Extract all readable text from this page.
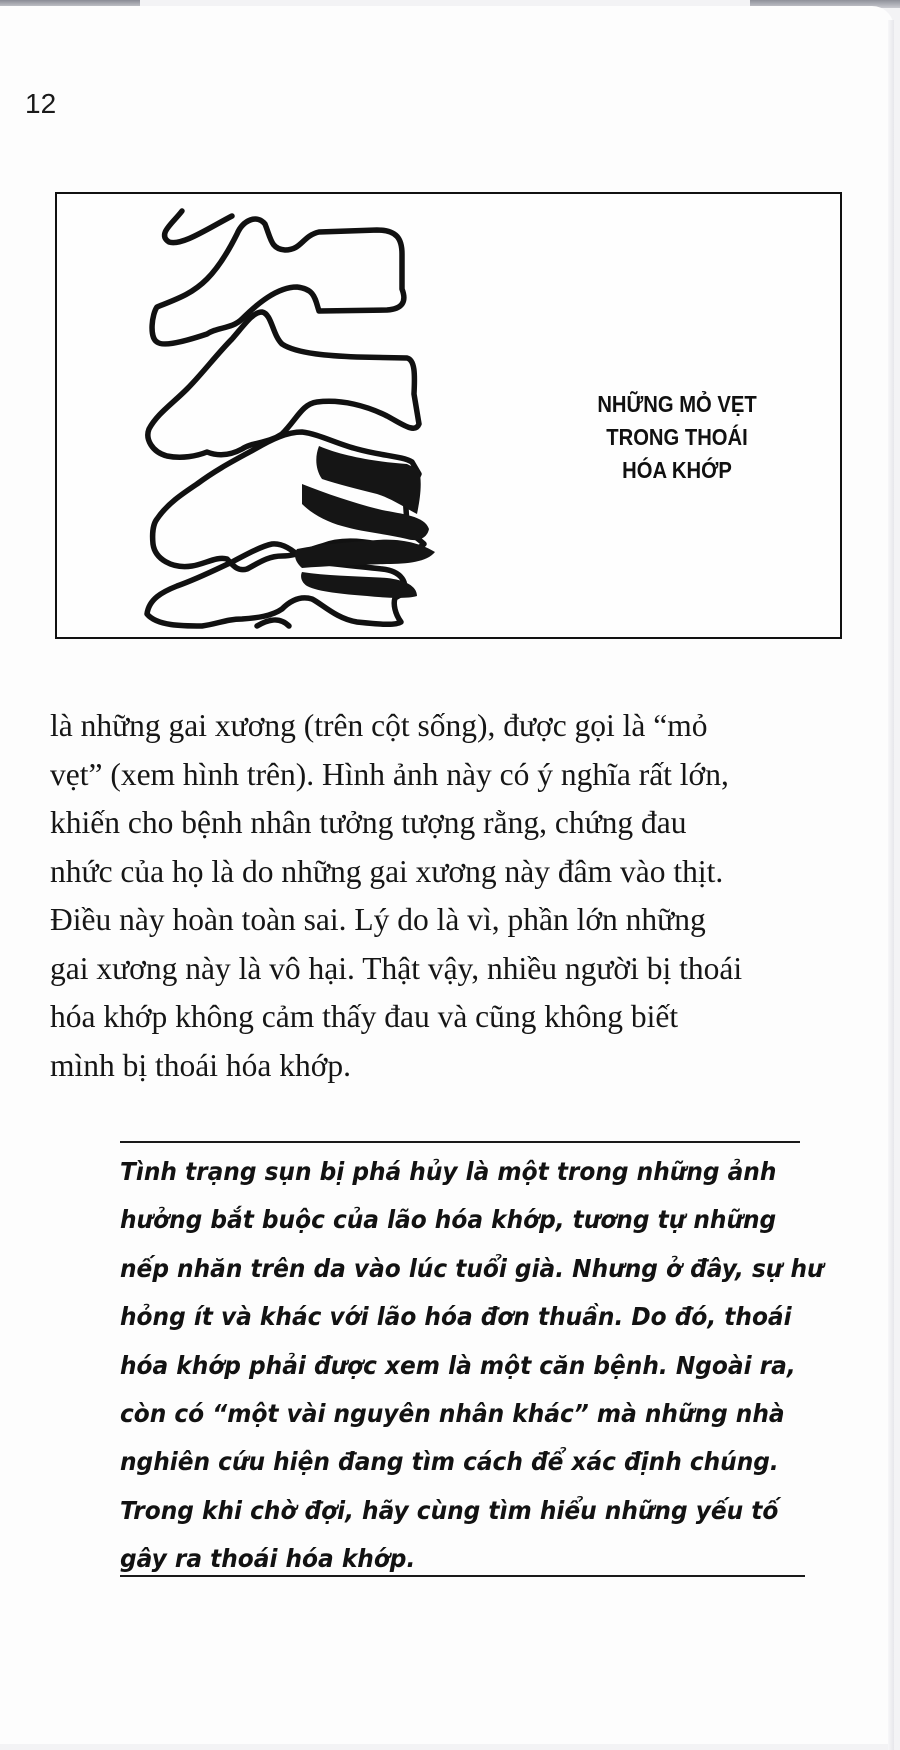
12
NHỮNG MỎ VẸT
TRONG THOÁI
HÓA KHỚP
là những gai xương (trên cột sống), được gọi là “mỏ
vẹt” (xem hình trên). Hình ảnh này có ý nghĩa rất lớn,
khiến cho bệnh nhân tưởng tượng rằng, chứng đau
nhức của họ là do những gai xương này đâm vào thịt.
Điều này hoàn toàn sai. Lý do là vì, phần lớn những
gai xương này là vô hại. Thật vậy, nhiều người bị thoái
hóa khớp không cảm thấy đau và cũng không biết
mình bị thoái hóa khớp.
Tình trạng sụn bị phá hủy là một trong những ảnh
hưởng bắt buộc của lão hóa khớp, tương tự những
nếp nhăn trên da vào lúc tuổi già. Nhưng ở đây, sự hư
hỏng ít và khác với lão hóa đơn thuần. Do đó, thoái
hóa khớp phải được xem là một căn bệnh. Ngoài ra,
còn có “một vài nguyên nhân khác” mà những nhà
nghiên cứu hiện đang tìm cách để xác định chúng.
Trong khi chờ đợi, hãy cùng tìm hiểu những yếu tố
gây ra thoái hóa khớp.
